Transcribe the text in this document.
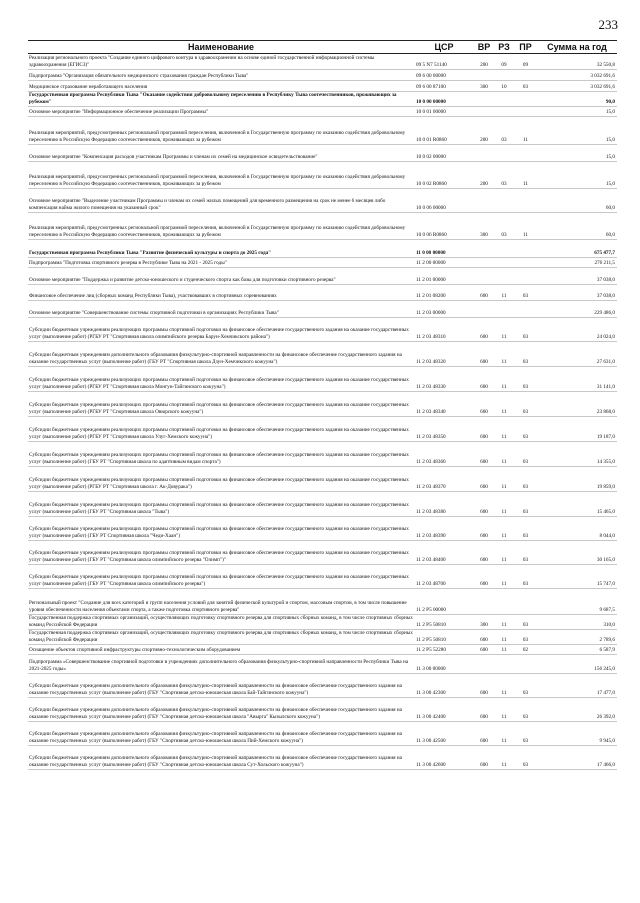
233
Наименование	ЦСР	ВР	РЗ	ПР	Сумма на год
Реализация регионального проекта "Создание единого цифрового контура в здравоохранении на основе единой государственной информационной системы здравоохранения (ЕГИСЗ)"	09 5 N7 51140	200	09	09	32 550,8
Подпрограмма "Организация обязательного медицинского страхования граждан Республики Тыва"	09 6 00 00000				3 032 691,6
Медицинское страхование неработающего населения	09 6 00 87100	300	10	03	3 032 691,6
Государственная программа Республики Тыва "Оказание содействия добровольному переселению в Республику Тыва соотечественников, проживающих за рубежом"	10 0 00 00000				90,0
Основное мероприятие "Информационное обеспечение реализации Программы"	10 0 01 00000				15,0
Реализация мероприятий, предусмотренных региональной программой переселения, включенной в Государственную программу по оказанию содействия добровольному переселению в Российскую Федерацию соотечественников, проживающих за рубежом	10 0 01 R0860	200	03	11	15,0
Основное мероприятие "Компенсация расходов участникам Программы и членам их семей на медицинское освидетельствование"	10 0 02 00000				15,0
Реализация мероприятий, предусмотренных региональной программой переселения, включенной в Государственную программу по оказанию содействия добровольному переселению в Российскую Федерацию соотечественников, проживающих за рубежом	10 0 02 R0860	200	03	11	15,0
Основное мероприятие "Выделение участникам Программы и членам их семей жилых помещений для временного размещения на срок не менее 6 месяцев либо компенсация найма жилого помещения на указанный срок"	10 0 06 00000				60,0
Реализация мероприятий, предусмотренных региональной программой переселения, включенной в Государственную программу по оказанию содействия добровольному переселению в Российскую Федерацию соотечественников, проживающих за рубежом	10 0 06 R0860	300	03	11	60,0
Государственная программа Республики Тыва "Развитие физической культуры и спорта до 2025 года"	11 0 00 00000				675 477,7
Подпрограмма "Подготовка спортивного резерва в Республике Тыва на 2021 - 2025 годы"	11 2 00 00000				276 211,5
Основное мероприятие "Поддержка и развитие детско-юношеского и студенческого спорта как базы для подготовки спортивного резерва"	11 2 01 00000				37 038,0
Финансовое обеспечение лиц (сборных команд Республики Тыва), участвовавших в спортивных соревнованиях	11 2 01 08200	600	11	03	37 038,0
Основное мероприятие "Совершенствование системы спортивной подготовки в организациях Республики Тыва"	11 2 03 00000				229 486,0
Субсидии бюджетным учреждениям реализующих программы спортивной подготовки на финансовое обеспечение государственного задания на оказание государственных услуг (выполнение работ) (РГБУ РТ "Спортивная школа олимпийского резерва Барун-Хемчикского района")	11 2 03 48310	600	11	03	24 024,0
Субсидии бюджетным учреждениям дополнительного образования физкультурно-спортивной направленности на финансовое обеспечение государственного задания на оказание государственных услуг (выполнение работ) (ГБУ РТ "Спортивная школа Дзун-Хемчикского кожууна")	11 2 03 48320	600	11	03	27 631,0
Субсидии бюджетным учреждениям реализующих программы спортивной подготовки на финансовое обеспечение государственного задания на оказание государственных услуг (выполнение работ) (РГБУ РТ "Спортивная школа Монгун-Тайгинского кожууна")	11 2 03 48330	600	11	03	31 141,0
Субсидии бюджетным учреждениям реализующих программы спортивной подготовки на финансовое обеспечение государственного задания на оказание государственных услуг (выполнение работ) (РГБУ РТ "Спортивная школа Овюрского кожууна")	11 2 03 48340	600	11	03	23 868,0
Субсидии бюджетным учреждениям реализующих программы спортивной подготовки на финансовое обеспечение государственного задания на оказание государственных услуг (выполнение работ) (РГБУ РТ "Спортивная школа Улуг-Хемского кожууна")	11 2 03 48350	600	11	03	19 187,0
Субсидии бюджетным учреждениям реализующих программы спортивной подготовки на финансовое обеспечение государственного задания на оказание государственных услуг (выполнение работ) (ГБУ РТ "Спортивная школа по адаптивным видам спорта")	11 2 03 48360	600	11	03	14 355,0
Субсидии бюджетным учреждениям реализующих программы спортивной подготовки на финансовое обеспечение государственного задания на оказание государственных услуг (выполнение работ) (РГБУ РТ "Спортивная школа г. Ак-Довурака")	11 2 03 48370	600	11	03	19 859,0
Субсидии бюджетным учреждениям реализующих программы спортивной подготовки на финансовое обеспечение государственного задания на оказание государственных услуг (выполнение работ) (ГБУ РТ "Спортивная школа "Тыва")	11 2 03 48380	600	11	03	15 465,0
Субсидии бюджетным учреждениям реализующих программы спортивной подготовки на финансовое обеспечение государственного задания на оказание государственных услуг (выполнение работ) (ГБУ РТ Спортивная школа "Чеди-Хаан")	11 2 03 48390	600	11	03	8 044,0
Субсидии бюджетным учреждениям реализующих программы спортивной подготовки на финансовое обеспечение государственного задания на оказание государственных услуг (выполнение работ) (ГБУ РТ "Спортивная школа олимпийского резерва "Олимп")"	11 2 03 48400	600	11	03	30 165,0
Субсидии бюджетным учреждениям реализующих программы спортивной подготовки на финансовое обеспечение государственного задания на оказание государственных услуг (выполнение работ) (ГБУ РТ "Спортивная школа олимпийского резерва")	11 2 03 48700	600	11	03	15 747,0
Региональный проект "Создание для всех категорий и групп населения условий для занятий физической культурой и спортом, массовым спортом, в том числе повышение уровня обеспеченности населения объектами спорта, а также подготовка спортивного резерва"	11 2 P5 00000				9 687,5
Государственная поддержка спортивных организаций, осуществляющих подготовку спортивного резерва для спортивных сборных команд, в том числе спортивных сборных команд Российской Федерации	11 2 P5 50810	300	11	03	310,0
Государственная поддержка спортивных организаций, осуществляющих подготовку спортивного резерва для спортивных сборных команд, в том числе спортивных сборных команд Российской Федерации	11 2 P5 50810	600	11	03	2 789,6
Оснащение объектов спортивной инфраструктуры спортивно-технологическим оборудованием	11 2 P5 52280	600	11	02	6 587,9
Подпрограмма «Совершенствование спортивной подготовки в учреждениях дополнительного образования физкультурно-спортивной направленности Республики Тыва на 2021-2025 годы»	11 3 00 00000				156 245,0
Субсидии бюджетным учреждениям дополнительного образования физкультурно-спортивной направленности на финансовое обеспечение государственного задания на оказание государственных услуг (выполнение работ) (ГБУ "Спортивная детско-юношеская школа Бай-Тайгинского кожууна")	11 3 00 42300	600	11	03	17 477,0
Субсидии бюджетным учреждениям дополнительного образования физкультурно-спортивной направленности на финансовое обеспечение государственного задания на оказание государственных услуг (выполнение работ) (ГБУ "Спортивная детско-юношеская школа "Авырга" Кызылского кожууна")	11 3 00 42400	600	11	03	26 392,0
Субсидии бюджетным учреждениям дополнительного образования физкультурно-спортивной направленности на финансовое обеспечение государственного задания на оказание государственных услуг (выполнение работ) (ГБУ "Спортивная детско-юношеская школа Пий-Хемского кожууна")	11 3 00 42500	600	11	03	9 945,0
Субсидии бюджетным учреждениям дополнительного образования физкультурно-спортивной направленности на финансовое обеспечение государственного задания на оказание государственных услуг (выполнение работ) (ГБУ "Спортивная детско-юношеская школа Сут-Хольского кожууна")	11 3 00 42600	600	11	03	17 466,0
